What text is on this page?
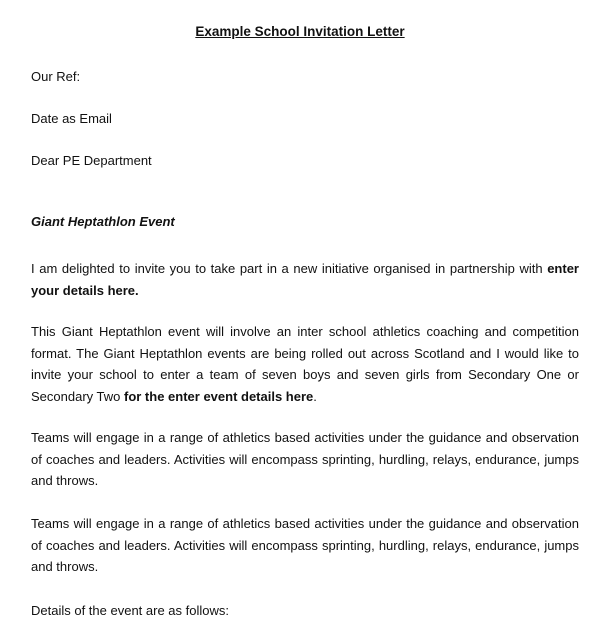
Example School Invitation Letter
Our Ref:
Date as Email
Dear PE Department
Giant Heptathlon Event
I am delighted to invite you to take part in a new initiative organised in partnership with enter your details here.
This Giant Heptathlon event will involve an inter school athletics coaching and competition format. The Giant Heptathlon events are being rolled out across Scotland and I would like to invite your school to enter a team of seven boys and seven girls from Secondary One or Secondary Two for the enter event details here.
Teams will engage in a range of athletics based activities under the guidance and observation of coaches and leaders. Activities will encompass sprinting, hurdling, relays, endurance, jumps and throws.
Teams will engage in a range of athletics based activities under the guidance and observation of coaches and leaders. Activities will encompass sprinting, hurdling, relays, endurance, jumps and throws.
Details of the event are as follows:
